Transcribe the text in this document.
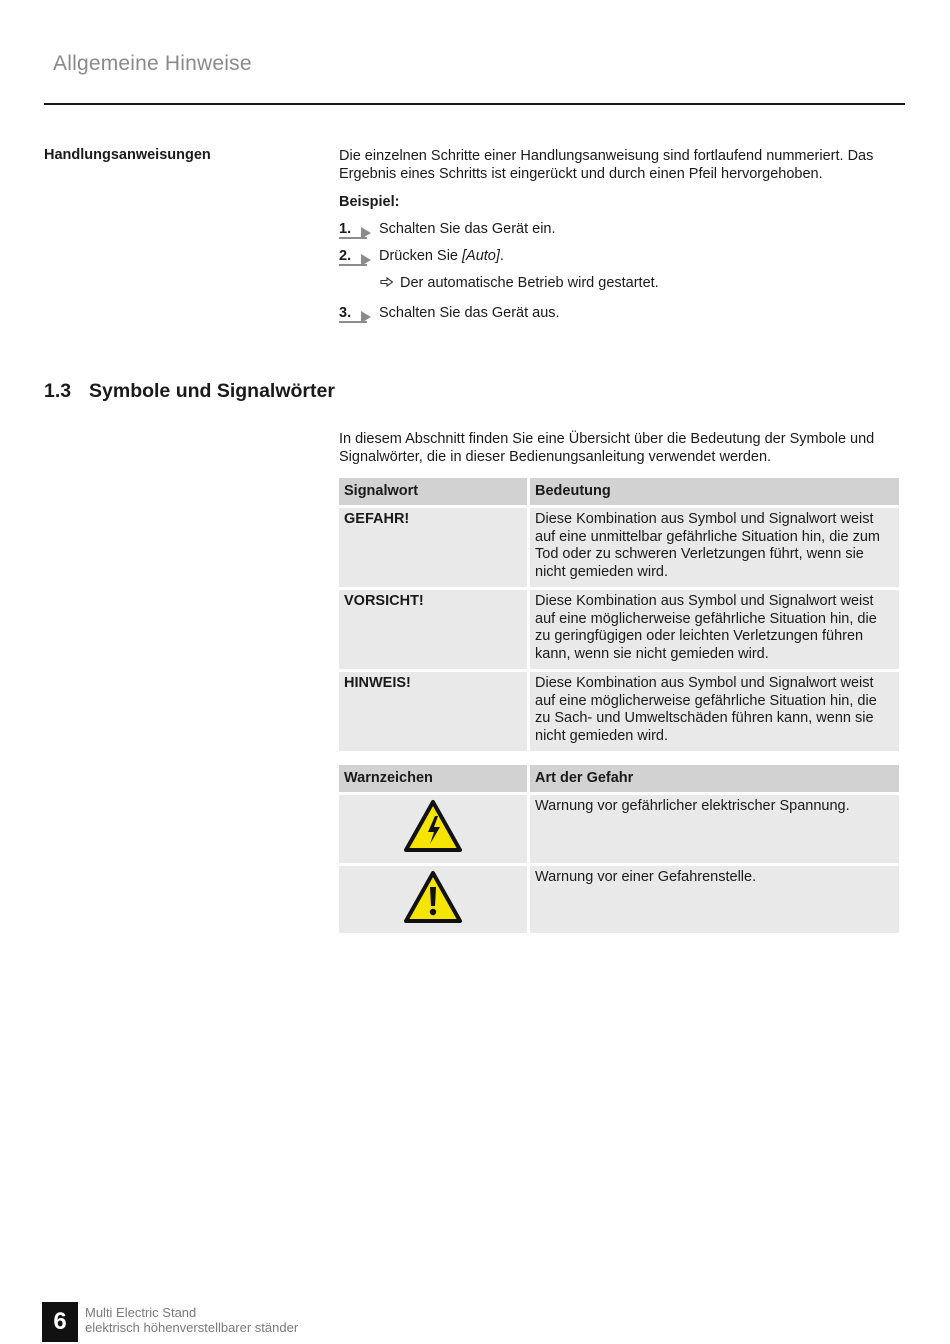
Allgemeine Hinweise
Handlungsanweisungen	Die einzelnen Schritte einer Handlungsanweisung sind fortlaufend nummeriert. Das Ergebnis eines Schritts ist eingerückt und durch einen Pfeil hervorgehoben.
Beispiel:
1.	Schalten Sie das Gerät ein.
2.	Drücken Sie [Auto].
Der automatische Betrieb wird gestartet.
3.	Schalten Sie das Gerät aus.
1.3 Symbole und Signalwörter
In diesem Abschnitt finden Sie eine Übersicht über die Bedeutung der Symbole und Signalwörter, die in dieser Bedienungsanleitung verwendet werden.
Signalwort	Bedeutung
GEFAHR!	Diese Kombination aus Symbol und Signalwort weist auf eine unmittelbar gefährliche Situation hin, die zum Tod oder zu schweren Verletzungen führt, wenn sie nicht gemieden wird.
VORSICHT!	Diese Kombination aus Symbol und Signalwort weist auf eine möglicherweise gefährliche Situation hin, die zu geringfügigen oder leichten Verletzungen führen kann, wenn sie nicht gemieden wird.
HINWEIS!	Diese Kombination aus Symbol und Signalwort weist auf eine möglicherweise gefährliche Situation hin, die zu Sach- und Umweltschäden führen kann, wenn sie nicht gemieden wird.
Warnzeichen	Art der Gefahr
	Warnung vor gefährlicher elektrischer Spannung.
	Warnung vor einer Gefahrenstelle.
6	Multi Electric Stand
elektrisch höhenverstellbarer ständer
